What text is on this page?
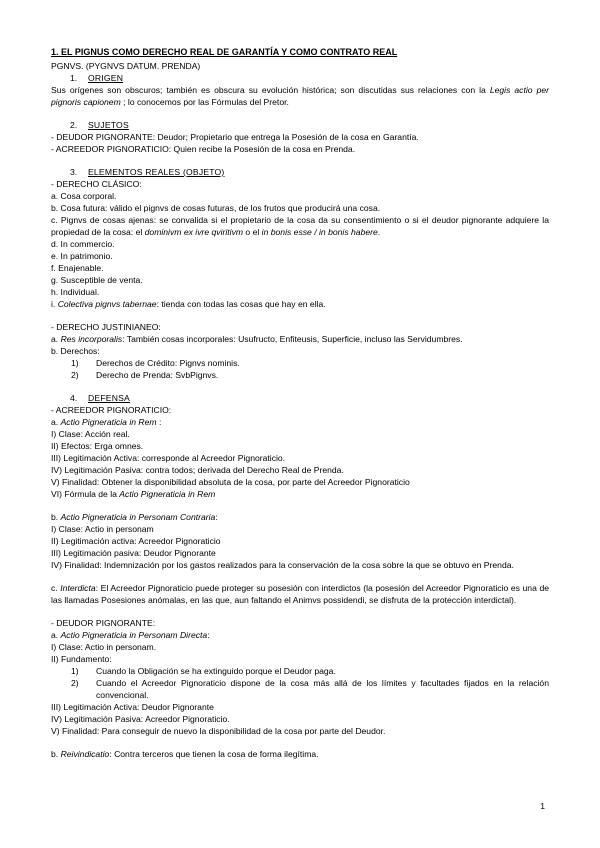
1. EL PIGNUS COMO DERECHO REAL DE GARANTÍA Y COMO CONTRATO REAL

PGNVS. (PYGNVS DATUM. PRENDA)

1. ORIGEN

Sus orígenes son obscuros; también es obscura su evolución histórica; son discutidas sus relaciones con la Legis actio per pignoris capionem ; lo conocemos por las Fórmulas del Pretor.

2. SUJETOS

- DEUDOR PIGNORANTE: Deudor; Propietario que entrega la Posesión de la cosa en Garantía.

- ACREEDOR PIGNORATICIO: Quien recibe la Posesión de la cosa en Prenda.

3. ELEMENTOS REALES (OBJETO)

- DERECHO CLÁSICO:

a. Cosa corporal.

b. Cosa futura: válido el pignvs de cosas futuras, de los frutos que producirá una cosa.

c. Pignvs de cosas ajenas: se convalida si el propietario de la cosa da su consentimiento o si el deudor pignorante adquiere la propiedad de la cosa: el dominivm ex ivre qviritivm o el in bonis esse / in bonis habere.

d. In commercio.

e. In patrimonio.

f. Enajenable.

g. Susceptible de venta.

h. Individual.

i. Colectiva pignvs tabernae: tienda con todas las cosas que hay en ella.

- DERECHO JUSTINIANEO:

a. Res incorporalis: También cosas incorporales: Usufructo, Enfiteusis, Superficie, incluso las Servidumbres.

b. Derechos:

1)	Derechos de Crédito: Pignvs nominis.
2)	Derecho de Prenda: SvbPignvs.
4. DEFENSA

- ACREEDOR PIGNORATICIO:

a. Actio Pigneraticia in Rem :

I) Clase: Acción real.

II) Efectos: Erga omnes.

III) Legitimación Activa: corresponde al Acreedor Pignoraticio.

IV) Legitimación Pasiva: contra todos; derivada del Derecho Real de Prenda.

V) Finalidad: Obtener la disponibilidad absoluta de la cosa, por parte del Acreedor Pignoraticio

VI) Fórmula de la Actio Pigneraticia in Rem

b. Actio Pigneraticia in Personam Contraria:

I) Clase: Actio in personam

II) Legitimación activa: Acreedor Pignoraticio

III) Legitimación pasiva: Deudor Pignorante

IV) Finalidad: Indemnización por los gastos realizados para la conservación de la cosa sobre la que se obtuvo en Prenda.

c. Interdicta: El Acreedor Pignoraticio puede proteger su posesión con interdictos (la posesión del Acreedor Pignoraticio es una de las llamadas Posesiones anómalas, en las que, aun faltando el Animvs possidendi, se disfruta de la protección interdictal).

- DEUDOR PIGNORANTE:

a. Actio Pigneraticia in Personam Directa:

I) Clase: Actio in personam.

II) Fundamento:

1)	Cuando la Obligación se ha extinguido porque el Deudor paga.
2)	Cuando el Acreedor Pignoraticio dispone de la cosa más allá de los límites y facultades fijados en la relación convencional.

III) Legitimación Activa: Deudor Pignorante

IV) Legitimación Pasiva: Acreedor Pignoraticio.

V) Finalidad: Para conseguir de nuevo la disponibilidad de la cosa por parte del Deudor.

b. Reivindicatio: Contra terceros que tienen la cosa de forma ilegítima.

1
